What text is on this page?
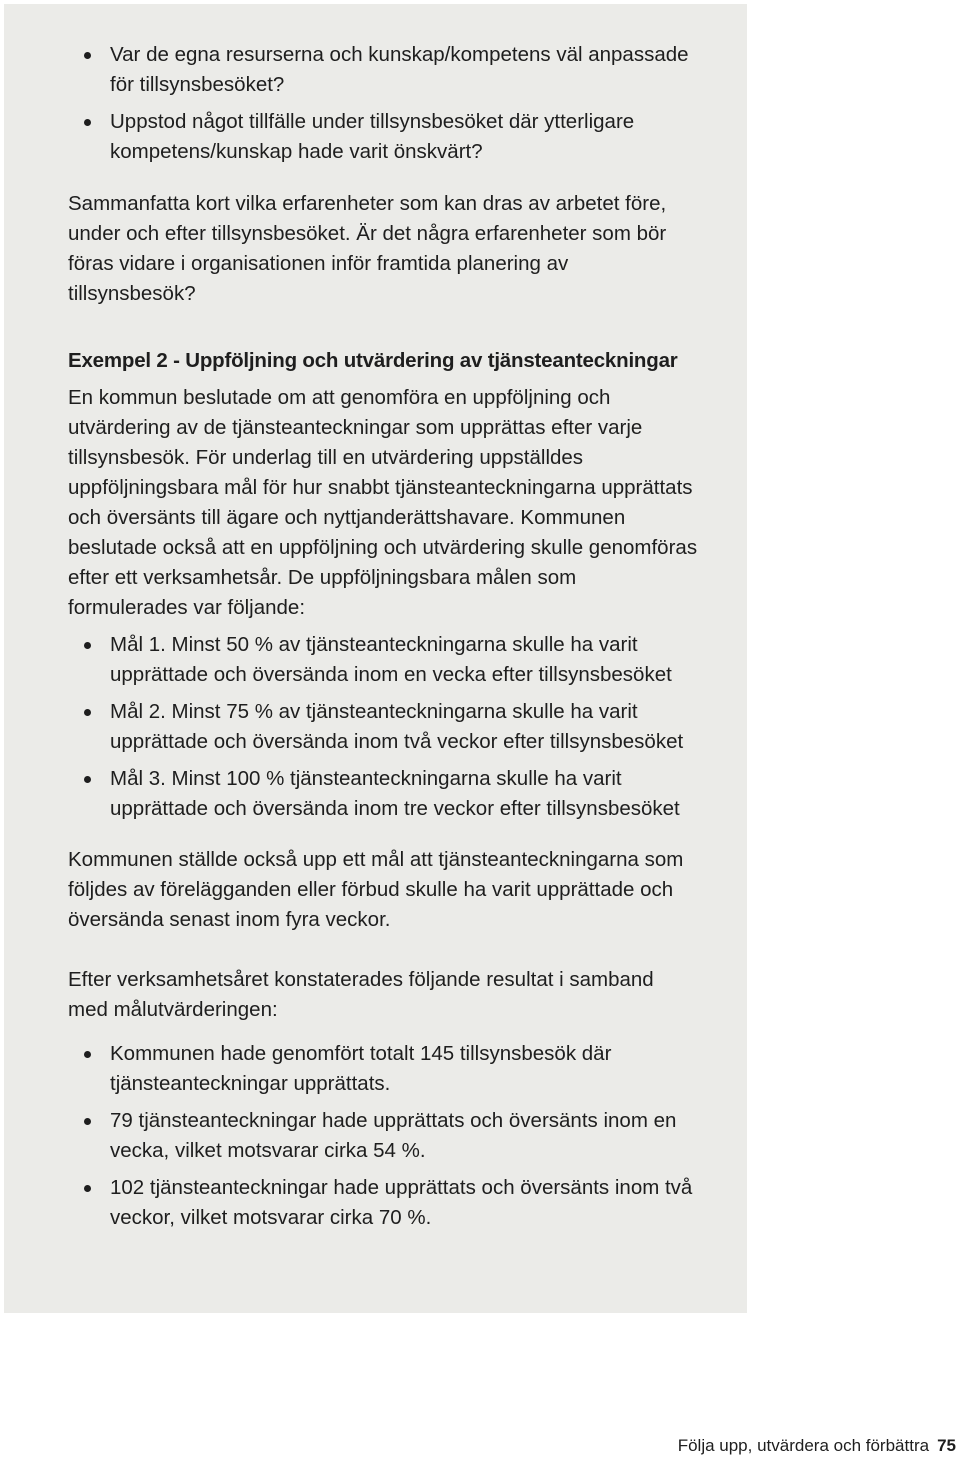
Var de egna resurserna och kunskap/kompetens väl anpassade för tillsynsbesöket?
Uppstod något tillfälle under tillsynsbesöket där ytterligare kompetens/kunskap hade varit önskvärt?

Sammanfatta kort vilka erfarenheter som kan dras av arbetet före, under och efter tillsynsbesöket. Är det några erfarenheter som bör föras vidare i organisationen inför framtida planering av tillsynsbesök?

Exempel 2 - Uppföljning och utvärdering av tjänsteanteckningar

En kommun beslutade om att genomföra en uppföljning och utvärdering av de tjänsteanteckningar som upprättas efter varje tillsynsbesök. För underlag till en utvärdering uppställdes uppföljningsbara mål för hur snabbt tjänsteanteckningarna upprättats och översänts till ägare och nyttjanderättshavare. Kommunen beslutade också att en uppföljning och utvärdering skulle genomföras efter ett verksamhetsår. De uppföljningsbara målen som formulerades var följande:

Mål 1. Minst 50 % av tjänsteanteckningarna skulle ha varit upprättade och översända inom en vecka efter tillsynsbesöket
Mål 2. Minst 75 % av tjänsteanteckningarna skulle ha varit upprättade och översända inom två veckor efter tillsynsbesöket
Mål 3. Minst 100 % tjänsteanteckningarna skulle ha varit upprättade och översända inom tre veckor efter tillsynsbesöket

Kommunen ställde också upp ett mål att tjänsteanteckningarna som följdes av förelägganden eller förbud skulle ha varit upprättade och översända senast inom fyra veckor.

Efter verksamhetsåret konstaterades följande resultat i samband med målutvärderingen:

Kommunen hade genomfört totalt 145 tillsynsbesök där tjänsteanteckningar upprättats.
79 tjänsteanteckningar hade upprättats och översänts inom en vecka, vilket motsvarar cirka 54 %.
102 tjänsteanteckningar hade upprättats och översänts inom två veckor, vilket motsvarar cirka 70 %.
Följa upp, utvärdera och förbättra 75
